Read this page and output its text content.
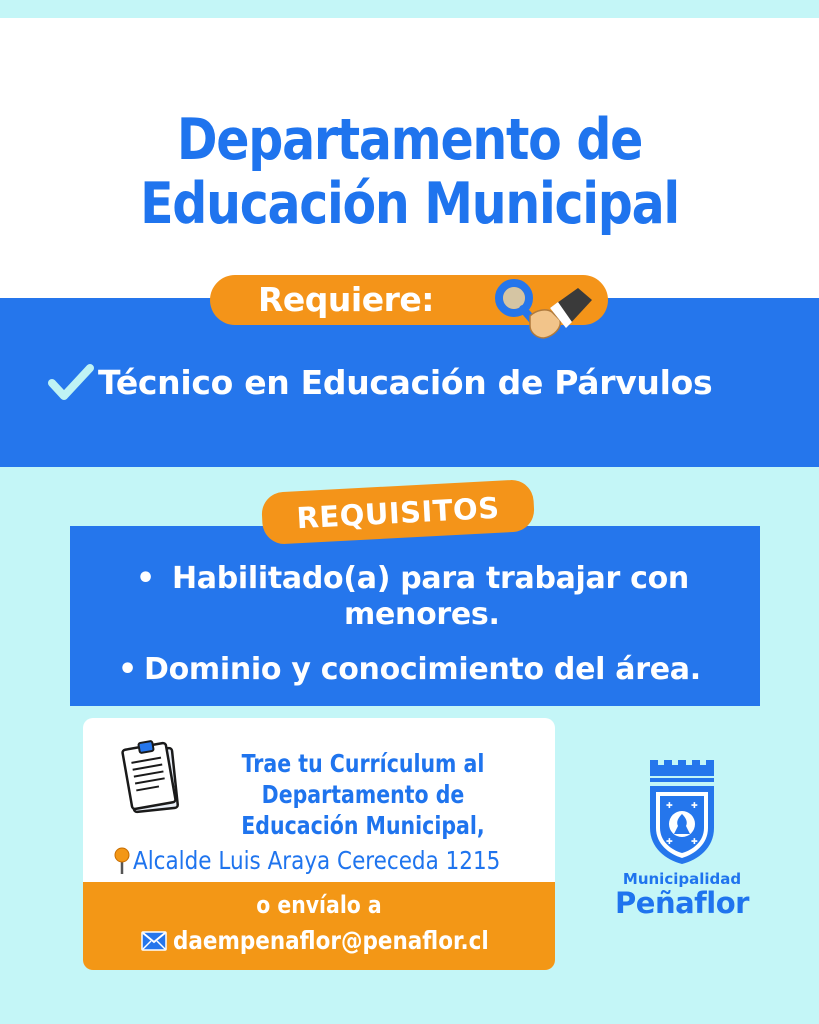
Departamento de
Educación Municipal
Requiere:
Técnico en Educación de Párvulos
REQUISITOS
• Habilitado(a) para trabajar con
menores.
• Dominio y conocimiento del área.
Trae tu Currículum al
Departamento de
Educación Municipal,
Alcalde Luis Araya Cereceda 1215
o envíalo a
daempenaflor@penaflor.cl
✚ ✚
✚ ✚
Municipalidad
Peñaflor
